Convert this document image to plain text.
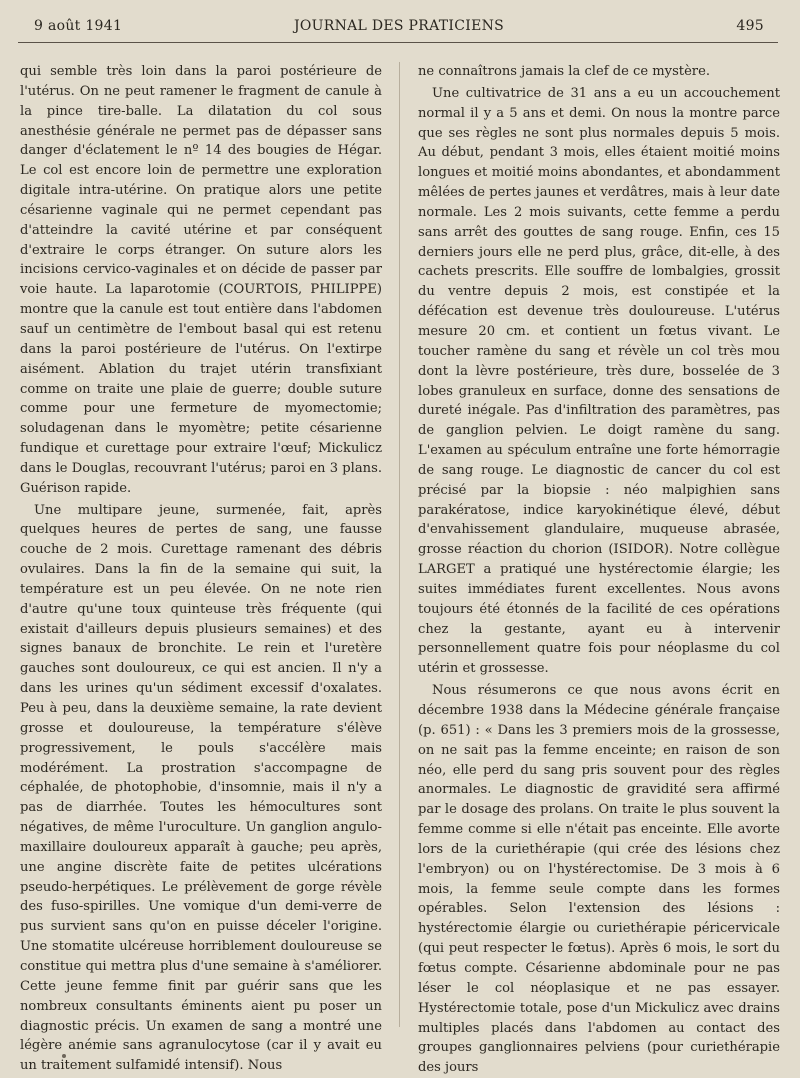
9 août 1941	JOURNAL DES PRATICIENS	495

qui semble très loin dans la paroi postérieure de l'utérus. On ne peut ramener le fragment de canule à la pince tire-balle. La dilatation du col sous anesthésie générale ne permet pas de dépasser sans danger d'éclatement le nº 14 des bougies de Hégar. Le col est encore loin de permettre une exploration digitale intra-utérine. On pratique alors une petite césarienne vaginale qui ne permet cependant pas d'atteindre la cavité utérine et par conséquent d'extraire le corps étranger. On suture alors les incisions cervico-vaginales et on décide de passer par voie haute. La laparotomie (COURTOIS, PHILIPPE) montre que la canule est tout entière dans l'abdomen sauf un centimètre de l'embout basal qui est retenu dans la paroi postérieure de l'utérus. On l'extirpe aisément. Ablation du trajet utérin transfixiant comme on traite une plaie de guerre; double suture comme pour une fermeture de myomectomie; soludagenan dans le myomètre; petite césarienne fundique et curettage pour extraire l'œuf; Mickulicz dans le Douglas, recouvrant l'utérus; paroi en 3 plans. Guérison rapide.

Une multipare jeune, surmenée, fait, après quelques heures de pertes de sang, une fausse couche de 2 mois. Curettage ramenant des débris ovulaires. Dans la fin de la semaine qui suit, la température est un peu élevée. On ne note rien d'autre qu'une toux quinteuse très fréquente (qui existait d'ailleurs depuis plusieurs semaines) et des signes banaux de bronchite. Le rein et l'uretère gauches sont douloureux, ce qui est ancien. Il n'y a dans les urines qu'un sédiment excessif d'oxalates. Peu à peu, dans la deuxième semaine, la rate devient grosse et douloureuse, la température s'élève progressivement, le pouls s'accélère mais modérément. La prostration s'accompagne de céphalée, de photophobie, d'insomnie, mais il n'y a pas de diarrhée. Toutes les hémocultures sont négatives, de même l'uroculture. Un ganglion angulo-maxillaire douloureux apparaît à gauche; peu après, une angine discrète faite de petites ulcérations pseudo-herpétiques. Le prélèvement de gorge révèle des fuso-spirilles. Une vomique d'un demi-verre de pus survient sans qu'on en puisse déceler l'origine. Une stomatite ulcéreuse horriblement douloureuse se constitue qui mettra plus d'une semaine à s'améliorer. Cette jeune femme finit par guérir sans que les nombreux consultants éminents aient pu poser un diagnostic précis. Un examen de sang a montré une légère anémie sans agranulocytose (car il y avait eu un traitement sulfamidé intensif). Nous

ne connaîtrons jamais la clef de ce mystère.

Une cultivatrice de 31 ans a eu un accouchement normal il y a 5 ans et demi. On nous la montre parce que ses règles ne sont plus normales depuis 5 mois. Au début, pendant 3 mois, elles étaient moitié moins longues et moitié moins abondantes, et abondamment mêlées de pertes jaunes et verdâtres, mais à leur date normale. Les 2 mois suivants, cette femme a perdu sans arrêt des gouttes de sang rouge. Enfin, ces 15 derniers jours elle ne perd plus, grâce, dit-elle, à des cachets prescrits. Elle souffre de lombalgies, grossit du ventre depuis 2 mois, est constipée et la défécation est devenue très douloureuse. L'utérus mesure 20 cm. et contient un fœtus vivant. Le toucher ramène du sang et révèle un col très mou dont la lèvre postérieure, très dure, bosselée de 3 lobes granuleux en surface, donne des sensations de dureté inégale. Pas d'infiltration des paramètres, pas de ganglion pelvien. Le doigt ramène du sang. L'examen au spéculum entraîne une forte hémorragie de sang rouge. Le diagnostic de cancer du col est précisé par la biopsie : néo malpighien sans parakératose, indice karyokinétique élevé, début d'envahissement glandulaire, muqueuse abrasée, grosse réaction du chorion (ISIDOR). Notre collègue LARGET a pratiqué une hystérectomie élargie; les suites immédiates furent excellentes. Nous avons toujours été étonnés de la facilité de ces opérations chez la gestante, ayant eu à intervenir personnellement quatre fois pour néoplasme du col utérin et grossesse.

Nous résumerons ce que nous avons écrit en décembre 1938 dans la Médecine générale française (p. 651) : « Dans les 3 premiers mois de la grossesse, on ne sait pas la femme enceinte; en raison de son néo, elle perd du sang pris souvent pour des règles anormales. Le diagnostic de gravidité sera affirmé par le dosage des prolans. On traite le plus souvent la femme comme si elle n'était pas enceinte. Elle avorte lors de la curiethérapie (qui crée des lésions chez l'embryon) ou on l'hystérectomise. De 3 mois à 6 mois, la femme seule compte dans les formes opérables. Selon l'extension des lésions : hystérectomie élargie ou curiethérapie péricervicale (qui peut respecter le fœtus). Après 6 mois, le sort du fœtus compte. Césarienne abdominale pour ne pas léser le col néoplasique et ne pas essayer. Hystérectomie totale, pose d'un Mickulicz avec drains multiples placés dans l'abdomen au contact des groupes ganglionnaires pelviens (pour curiethérapie des jours
